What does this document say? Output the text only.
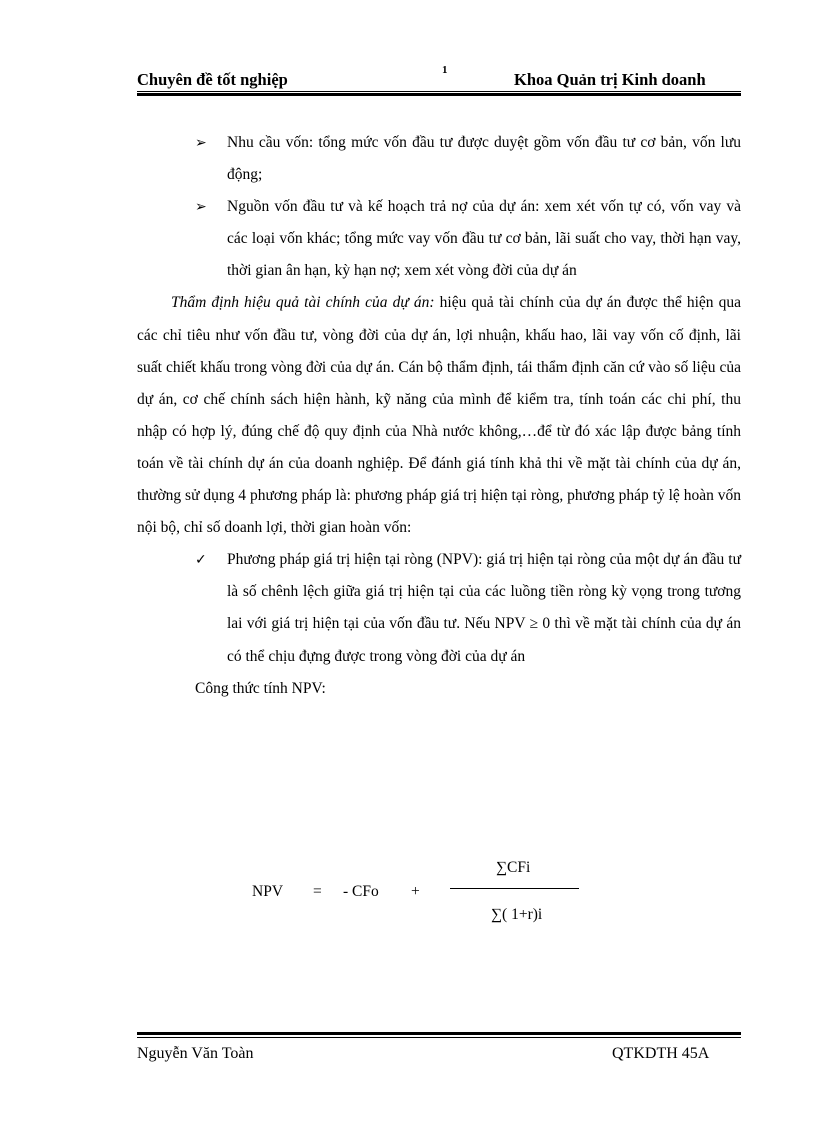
Chuyên đề tốt nghiệp	1	Khoa Quản trị Kinh doanh

➢	Nhu cầu vốn: tổng mức vốn đầu tư được duyệt gồm vốn đầu tư cơ bản, vốn lưu động;

➢	Nguồn vốn đầu tư và kế hoạch trả nợ của dự án: xem xét vốn tự có, vốn vay và các loại vốn khác; tổng mức vay vốn đầu tư cơ bản, lãi suất cho vay, thời hạn vay, thời gian ân hạn, kỳ hạn nợ; xem xét vòng đời của dự án

Thẩm định hiệu quả tài chính của dự án: hiệu quả tài chính của dự án được thể hiện qua các chỉ tiêu như vốn đầu tư, vòng đời của dự án, lợi nhuận, khấu hao, lãi vay vốn cố định, lãi suất chiết khấu trong vòng đời của dự án. Cán bộ thẩm định, tái thẩm định căn cứ vào số liệu của dự án, cơ chế chính sách hiện hành, kỹ năng của mình để kiểm tra, tính toán các chi phí, thu nhập có hợp lý, đúng chế độ quy định của Nhà nước không,…để từ đó xác lập được bảng tính toán về tài chính dự án của doanh nghiệp. Để đánh giá tính khả thi về mặt tài chính của dự án, thường sử dụng 4 phương pháp là: phương pháp giá trị hiện tại ròng, phương pháp tỷ lệ hoàn vốn nội bộ, chỉ số doanh lợi, thời gian hoàn vốn:

✓	Phương pháp giá trị hiện tại ròng (NPV): giá trị hiện tại ròng của một dự án đầu tư là số chênh lệch giữa giá trị hiện tại của các luồng tiền ròng kỳ vọng trong tương lai với giá trị hiện tại của vốn đầu tư. Nếu NPV ≥ 0 thì về mặt tài chính của dự án có thể chịu đựng được trong vòng đời của dự án

Công thức tính NPV:

NPV = - CFo +
∑CFi
∑( 1+r)i
Nguyễn Văn Toàn	QTKDTH 45A
